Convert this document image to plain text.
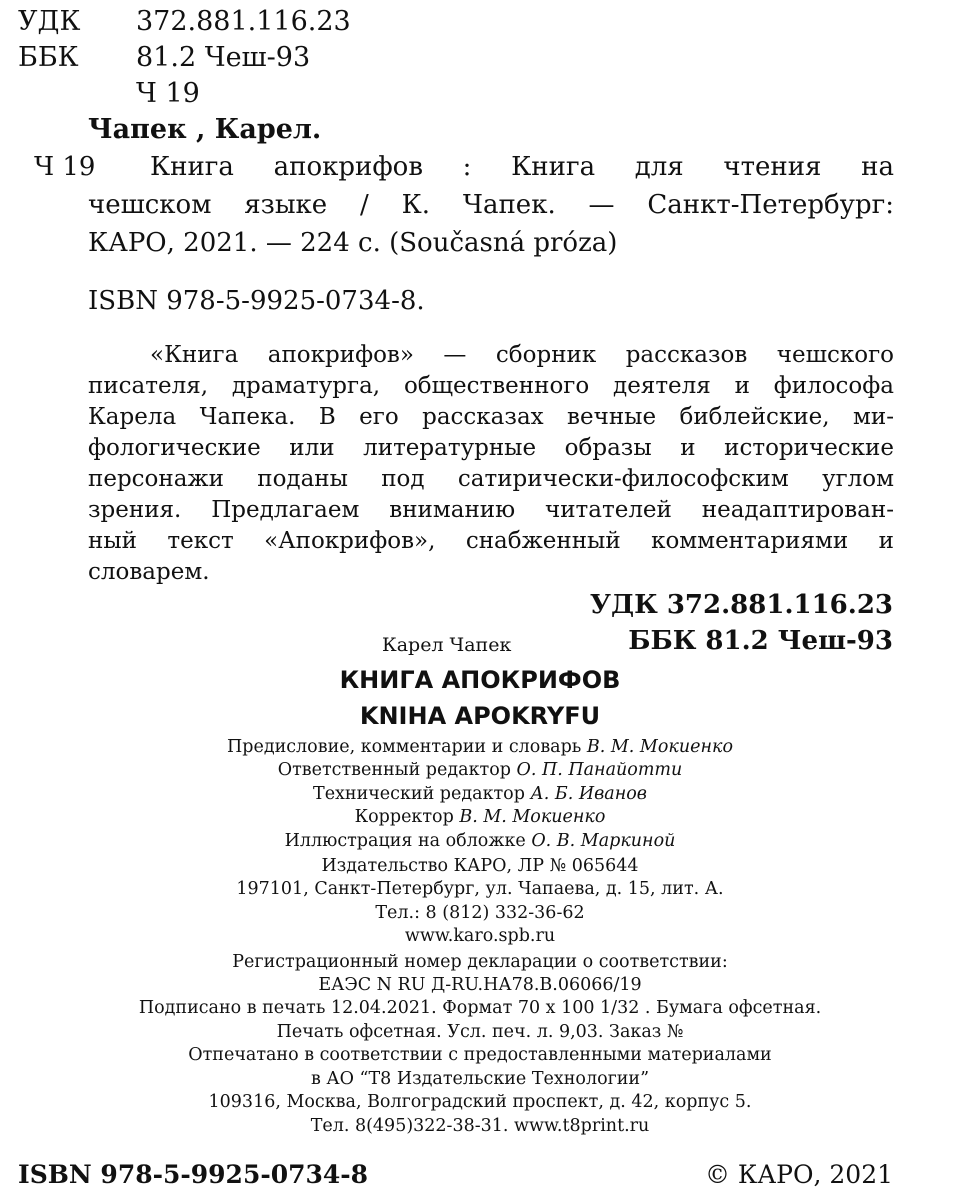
УДК 372.881.116.23
ББК 81.2 Чеш-93
Ч 19
Чапек , Карел.
Ч 19 Книга апокрифов : Книга для чтения на
чешском языке / К. Чапек. — Санкт-Петербург:
КАРО, 2021. — 224 с. (Současná próza)
ISBN 978-5-9925-0734-8.
«Книга апокрифов» — сборник рассказов чешского
писателя, драматурга, общественного деятеля и философа
Карела Чапека. В его рассказах вечные библейские, ми-
фологические или литературные образы и исторические
персонажи поданы под сатирически-философским углом
зрения. Предлагаем вниманию читателей неадаптирован-
ный текст «Апокрифов», снабженный комментариями и
словарем.
УДК 372.881.116.23
ББК 81.2 Чеш-93
Карел Чапек
КНИГА АПОКРИФОВ
KNIHA APOKRYFU
Предисловие, комментарии и словарь В. М. Мокиенко
Ответственный редактор О. П. Панайотти
Технический редактор А. Б. Иванов
Корректор В. М. Мокиенко
Иллюстрация на обложке О. В. Маркиной
Издательство КАРО, ЛР № 065644
197101, Санкт-Петербург, ул. Чапаева, д. 15, лит. А.
Тел.: 8 (812) 332-36-62
www.karo.spb.ru
Регистрационный номер декларации о соответствии:
ЕАЭС N RU Д-RU.НА78.В.06066/19
Подписано в печать 12.04.2021. Формат 70 х 100 1/32 . Бумага офсетная.
Печать офсетная. Усл. печ. л. 9,03. Заказ №
Отпечатано в соответствии с предоставленными материалами
в АО “Т8 Издательские Технологии”
109316, Москва, Волгоградский проспект, д. 42, корпус 5.
Тел. 8(495)322-38-31. www.t8print.ru
ISBN 978-5-9925-0734-8	© КАРО, 2021
